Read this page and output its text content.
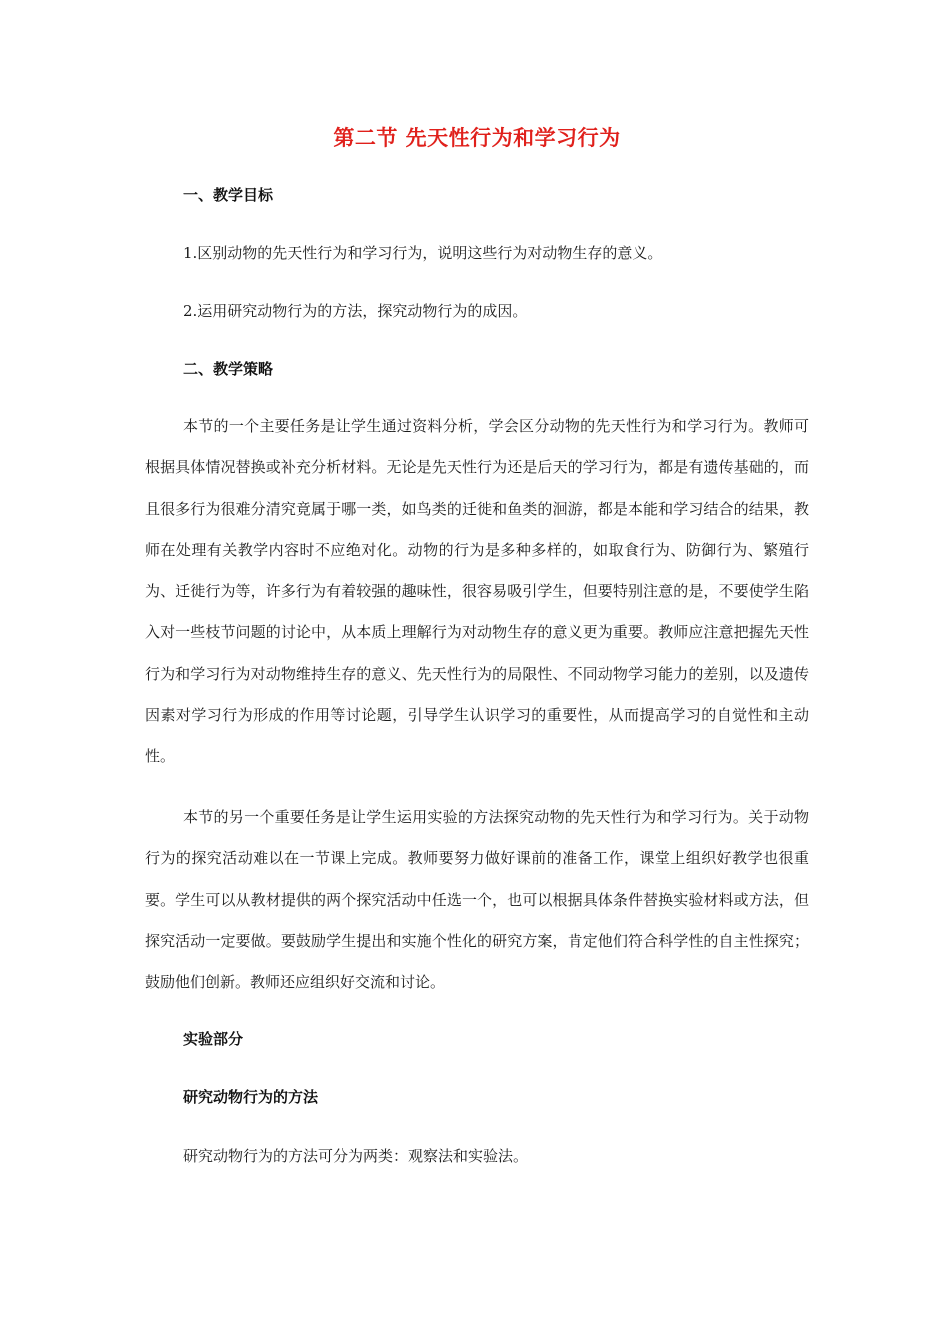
第二节 先天性行为和学习行为
一、教学目标
1.区别动物的先天性行为和学习行为，说明这些行为对动物生存的意义。
2.运用研究动物行为的方法，探究动物行为的成因。
二、教学策略
本节的一个主要任务是让学生通过资料分析，学会区分动物的先天性行为和学习行为。教师可根据具体情况替换或补充分析材料。无论是先天性行为还是后天的学习行为，都是有遗传基础的，而且很多行为很难分清究竟属于哪一类，如鸟类的迁徙和鱼类的洄游，都是本能和学习结合的结果，教师在处理有关教学内容时不应绝对化。动物的行为是多种多样的，如取食行为、防御行为、繁殖行为、迁徙行为等，许多行为有着较强的趣味性，很容易吸引学生，但要特别注意的是，不要使学生陷入对一些枝节问题的讨论中，从本质上理解行为对动物生存的意义更为重要。教师应注意把握先天性行为和学习行为对动物维持生存的意义、先天性行为的局限性、不同动物学习能力的差别，以及遗传因素对学习行为形成的作用等讨论题，引导学生认识学习的重要性，从而提高学习的自觉性和主动性。
本节的另一个重要任务是让学生运用实验的方法探究动物的先天性行为和学习行为。关于动物行为的探究活动难以在一节课上完成。教师要努力做好课前的准备工作，课堂上组织好教学也很重要。学生可以从教材提供的两个探究活动中任选一个，也可以根据具体条件替换实验材料或方法，但探究活动一定要做。要鼓励学生提出和实施个性化的研究方案，肯定他们符合科学性的自主性探究；鼓励他们创新。教师还应组织好交流和讨论。
实验部分
研究动物行为的方法
研究动物行为的方法可分为两类：观察法和实验法。
